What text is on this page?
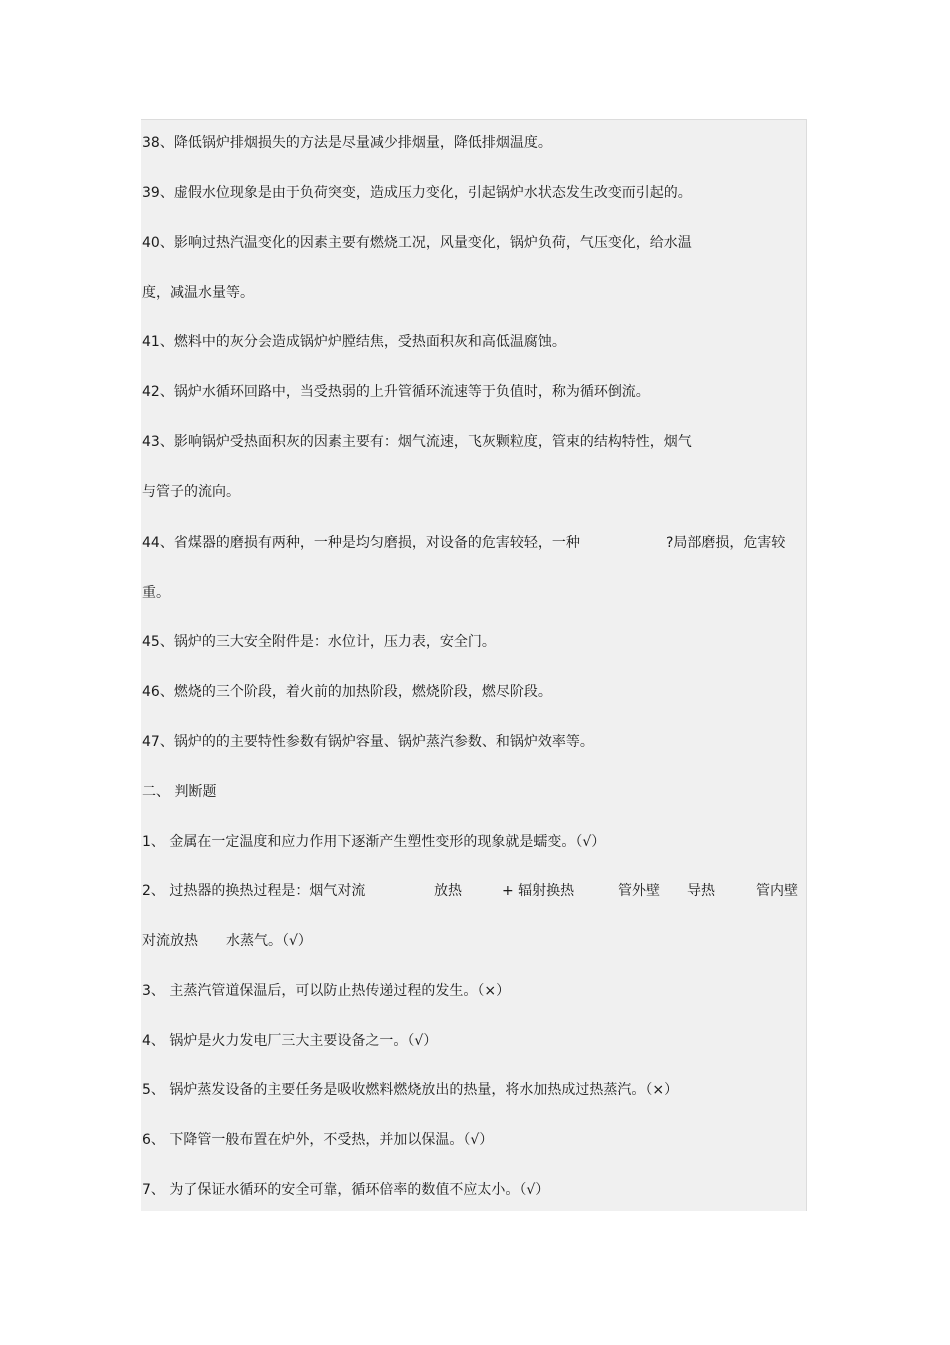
38、降低锅炉排烟损失的方法是尽量减少排烟量，降低排烟温度。
39、虚假水位现象是由于负荷突变，造成压力变化，引起锅炉水状态发生改变而引起的。
40、影响过热汽温变化的因素主要有燃烧工况，风量变化，锅炉负荷，气压变化，给水温
度，减温水量等。
41、燃料中的灰分会造成锅炉炉膛结焦，受热面积灰和高低温腐蚀。
42、锅炉水循环回路中，当受热弱的上升管循环流速等于负值时，称为循环倒流。
43、影响锅炉受热面积灰的因素主要有：烟气流速，飞灰颗粒度，管束的结构特性，烟气
与管子的流向。
44、省煤器的磨损有两种，一种是均匀磨损，对设备的危害较轻，一种	?局部磨损，危害较
重。
45、锅炉的三大安全附件是：水位计，压力表，安全门。
46、燃烧的三个阶段，着火前的加热阶段，燃烧阶段，燃尽阶段。
47、锅炉的的主要特性参数有锅炉容量、锅炉蒸汽参数、和锅炉效率等。
二、 判断题
1、 金属在一定温度和应力作用下逐渐产生塑性变形的现象就是蠕变。（√）
2、 过热器的换热过程是：烟气对流	放热	+ 辐射换热	管外壁 导热	管内壁
对流放热 水蒸气。（√）
3、 主蒸汽管道保温后，可以防止热传递过程的发生。（×）
4、 锅炉是火力发电厂三大主要设备之一。（√）
5、 锅炉蒸发设备的主要任务是吸收燃料燃烧放出的热量，将水加热成过热蒸汽。（×）
6、 下降管一般布置在炉外，不受热，并加以保温。（√）
7、 为了保证水循环的安全可靠，循环倍率的数值不应太小。（√）
